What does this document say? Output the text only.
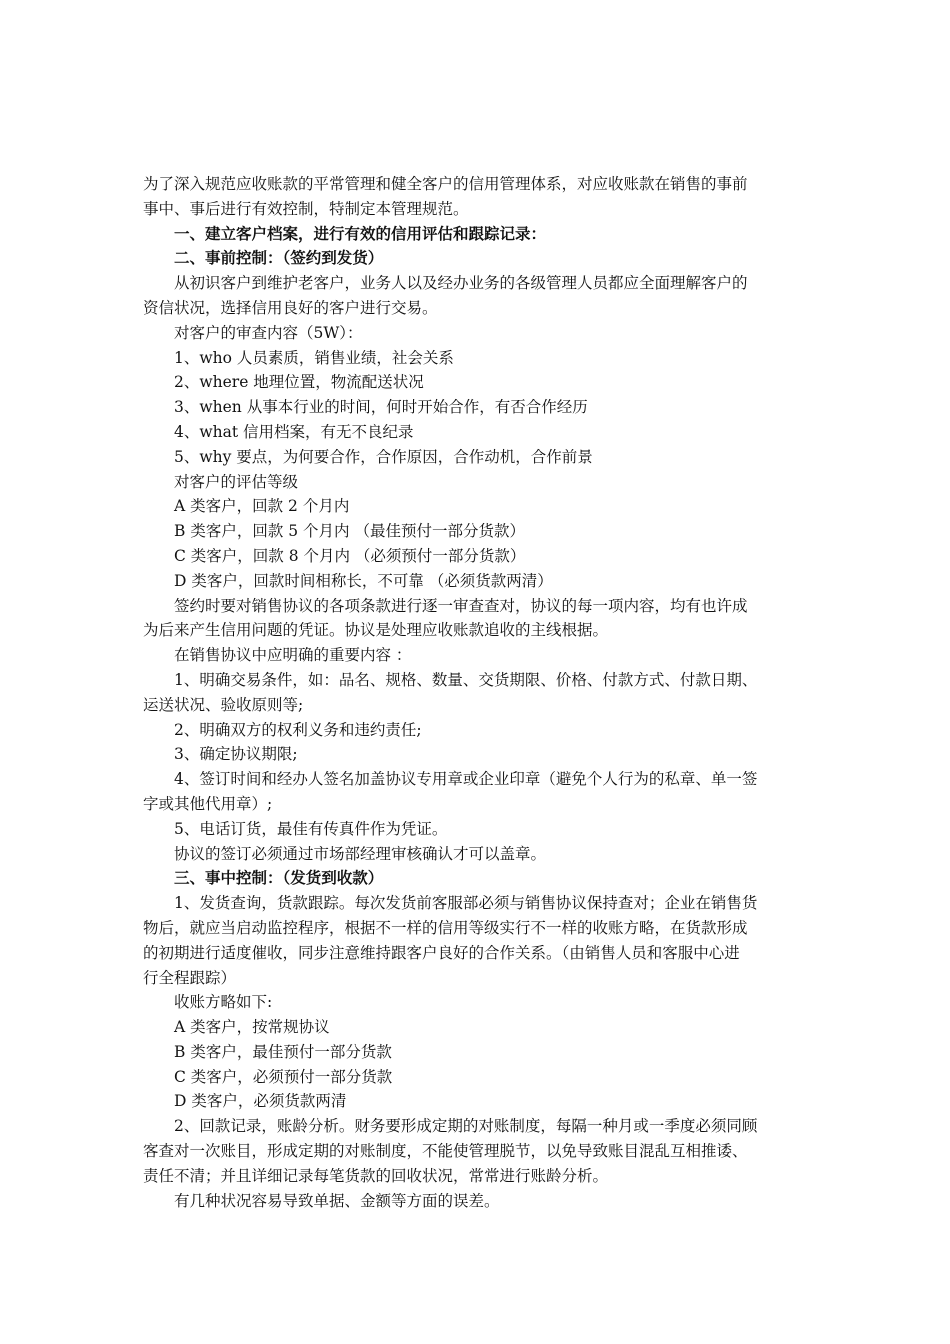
为了深入规范应收账款的平常管理和健全客户的信用管理体系，对应收账款在销售的事前
事中、事后进行有效控制，特制定本管理规范。
一、建立客户档案，进行有效的信用评估和跟踪记录：
二、事前控制：（签约到发货）
从初识客户到维护老客户，业务人以及经办业务的各级管理人员都应全面理解客户的
资信状况，选择信用良好的客户进行交易。
对客户的审查内容（5W）：
1、who 人员素质，销售业绩，社会关系
2、where 地理位置，物流配送状况
3、when 从事本行业的时间，何时开始合作，有否合作经历
4、what 信用档案，有无不良纪录
5、why 要点，为何要合作，合作原因，合作动机，合作前景
对客户的评估等级
A 类客户，回款 2 个月内
B 类客户，回款 5 个月内 （最佳预付一部分货款）
C 类客户，回款 8 个月内 （必须预付一部分货款）
D 类客户，回款时间相称长，不可靠 （必须货款两清）
签约时要对销售协议的各项条款进行逐一审查查对，协议的每一项内容，均有也许成
为后来产生信用问题的凭证。协议是处理应收账款追收的主线根据。
在销售协议中应明确的重要内容 ：
1、明确交易条件，如：品名、规格、数量、交货期限、价格、付款方式、付款日期、
运送状况、验收原则等;
2、明确双方的权利义务和违约责任;
3、确定协议期限;
4、签订时间和经办人签名加盖协议专用章或企业印章（避免个人行为的私章、单一签
字或其他代用章）;
5、电话订货，最佳有传真件作为凭证。
协议的签订必须通过市场部经理审核确认才可以盖章。
三、事中控制：（发货到收款）
1、发货查询，货款跟踪。每次发货前客服部必须与销售协议保持查对；企业在销售货
物后，就应当启动监控程序，根据不一样的信用等级实行不一样的收账方略，在货款形成
的初期进行适度催收，同步注意维持跟客户良好的合作关系。（由销售人员和客服中心进
行全程跟踪）
收账方略如下:
A 类客户，按常规协议
B 类客户，最佳预付一部分货款
C 类客户，必须预付一部分货款
D 类客户，必须货款两清
2、回款记录，账龄分析。财务要形成定期的对账制度，每隔一种月或一季度必须同顾
客查对一次账目，形成定期的对账制度，不能使管理脱节，以免导致账目混乱互相推诿、
责任不清；并且详细记录每笔货款的回收状况，常常进行账龄分析。
有几种状况容易导致单据、金额等方面的误差。
